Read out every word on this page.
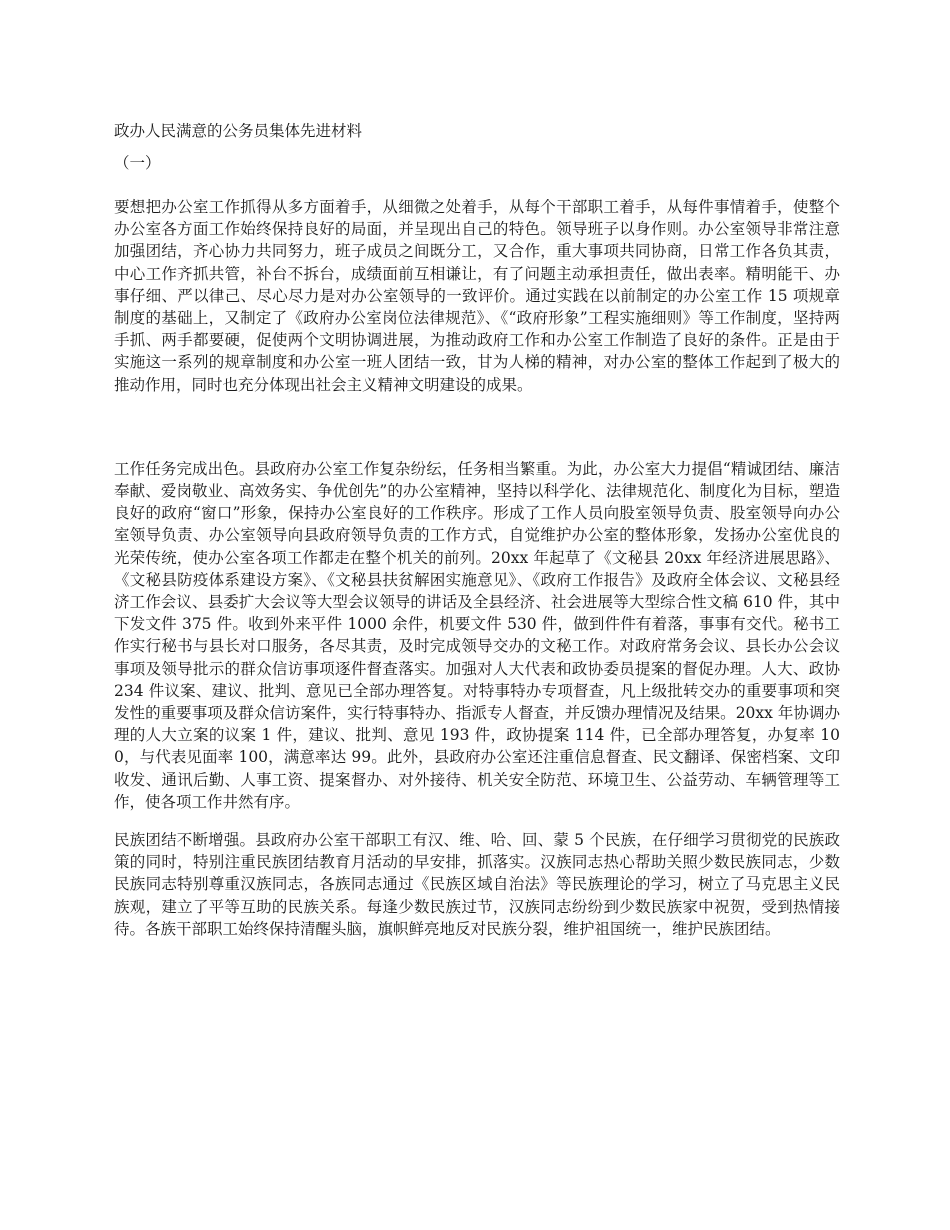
政办人民满意的公务员集体先进材料
（一）

要想把办公室工作抓得从多方面着手，从细微之处着手，从每个干部职工着手，从每件事情着手，使整个办公室各方面工作始终保持良好的局面，并呈现出自己的特色。领导班子以身作则。办公室领导非常注意加强团结，齐心协力共同努力，班子成员之间既分工，又合作，重大事项共同协商，日常工作各负其责，中心工作齐抓共管，补台不拆台，成绩面前互相谦让，有了问题主动承担责任，做出表率。精明能干、办事仔细、严以律己、尽心尽力是对办公室领导的一致评价。通过实践在以前制定的办公室工作 15 项规章制度的基础上，又制定了《政府办公室岗位法律规范》、《“政府形象”工程实施细则》等工作制度，坚持两手抓、两手都要硬，促使两个文明协调进展，为推动政府工作和办公室工作制造了良好的条件。正是由于实施这一系列的规章制度和办公室一班人团结一致，甘为人梯的精神，对办公室的整体工作起到了极大的推动作用，同时也充分体现出社会主义精神文明建设的成果。

工作任务完成出色。县政府办公室工作复杂纷纭，任务相当繁重。为此，办公室大力提倡“精诚团结、廉洁奉献、爱岗敬业、高效务实、争优创先”的办公室精神，坚持以科学化、法律规范化、制度化为目标，塑造良好的政府“窗口”形象，保持办公室良好的工作秩序。形成了工作人员向股室领导负责、股室领导向办公室领导负责、办公室领导向县政府领导负责的工作方式，自觉维护办公室的整体形象，发扬办公室优良的光荣传统，使办公室各项工作都走在整个机关的前列。20xx 年起草了《文秘县 20xx 年经济进展思路》、《文秘县防疫体系建设方案》、《文秘县扶贫解困实施意见》、《政府工作报告》及政府全体会议、文秘县经济工作会议、县委扩大会议等大型会议领导的讲话及全县经济、社会进展等大型综合性文稿 610 件，其中下发文件 375 件。收到外来平件 1000 余件，机要文件 530 件，做到件件有着落，事事有交代。秘书工作实行秘书与县长对口服务，各尽其责，及时完成领导交办的文秘工作。对政府常务会议、县长办公会议事项及领导批示的群众信访事项逐件督查落实。加强对人大代表和政协委员提案的督促办理。人大、政协 234 件议案、建议、批判、意见已全部办理答复。对特事特办专项督查，凡上级批转交办的重要事项和突发性的重要事项及群众信访案件，实行特事特办、指派专人督查，并反馈办理情况及结果。20xx 年协调办理的人大立案的议案 1 件，建议、批判、意见 193 件，政协提案 114 件，已全部办理答复，办复率 100，与代表见面率 100，满意率达 99。此外，县政府办公室还注重信息督查、民文翻译、保密档案、文印收发、通讯后勤、人事工资、提案督办、对外接待、机关安全防范、环境卫生、公益劳动、车辆管理等工作，使各项工作井然有序。

民族团结不断增强。县政府办公室干部职工有汉、维、哈、回、蒙 5 个民族，在仔细学习贯彻党的民族政策的同时，特别注重民族团结教育月活动的早安排，抓落实。汉族同志热心帮助关照少数民族同志，少数民族同志特别尊重汉族同志，各族同志通过《民族区域自治法》等民族理论的学习，树立了马克思主义民族观，建立了平等互助的民族关系。每逢少数民族过节，汉族同志纷纷到少数民族家中祝贺，受到热情接待。各族干部职工始终保持清醒头脑，旗帜鲜亮地反对民族分裂，维护祖国统一，维护民族团结。
